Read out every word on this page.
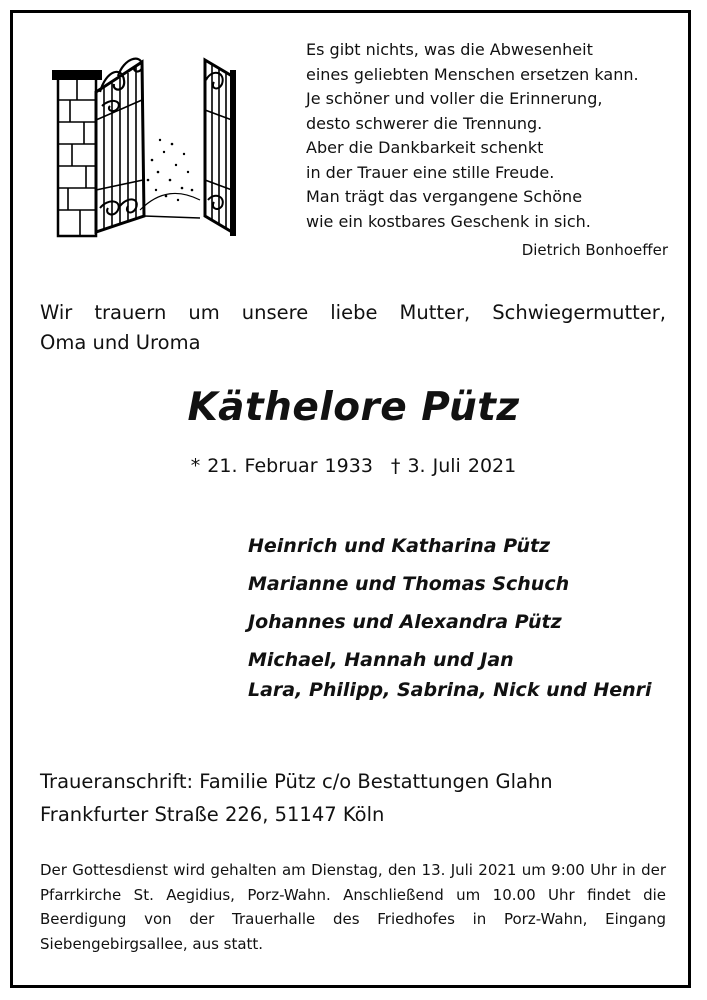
Es gibt nichts, was die Abwesenheit
eines geliebten Menschen ersetzen kann.
Je schöner und voller die Erinnerung,
desto schwerer die Trennung.
Aber die Dankbarkeit schenkt
in der Trauer eine stille Freude.
Man trägt das vergangene Schöne
wie ein kostbares Geschenk in sich.
Dietrich Bonhoeffer
Wir trauern um unsere liebe Mutter, Schwiegermutter,
Oma und Uroma
Käthelore Pütz
* 21. Februar 1933 † 3. Juli 2021
Heinrich und Katharina Pütz
Marianne und Thomas Schuch
Johannes und Alexandra Pütz
Michael, Hannah und Jan
Lara, Philipp, Sabrina, Nick und Henri
Traueranschrift: Familie Pütz c/o Bestattungen Glahn
Frankfurter Straße 226, 51147 Köln
Der Gottesdienst wird gehalten am Dienstag, den 13. Juli 2021 um 9:00 Uhr in der Pfarrkirche St. Aegidius, Porz-Wahn. Anschließend um 10.00 Uhr findet die Beerdigung von der Trauerhalle des Friedhofes in Porz-Wahn, Eingang Siebengebirgsallee, aus statt.
